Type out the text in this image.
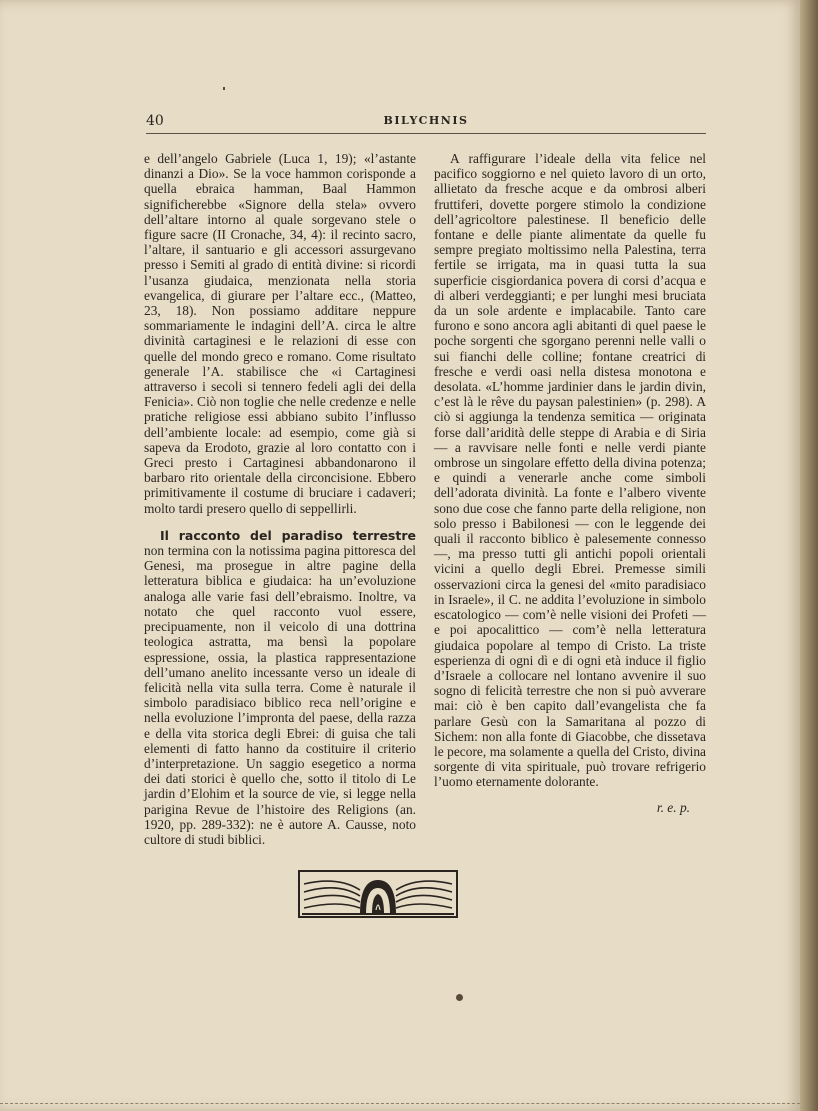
40	BILYCHNIS

e dell’angelo Gabriele (Luca 1, 19); «l’astante dinanzi a Dio». Se la voce hammon corisponde a quella ebraica hamman, Baal Hammon significherebbe «Signore della stela» ovvero dell’altare intorno al quale sorgevano stele o figure sacre (II Cronache, 34, 4): il recinto sacro, l’altare, il santuario e gli accessori assurgevano presso i Semiti al grado di entità divine: si ricordi l’usanza giudaica, menzionata nella storia evangelica, di giurare per l’altare ecc., (Matteo, 23, 18). Non possiamo additare neppure sommariamente le indagini dell’A. circa le altre divinità cartaginesi e le relazioni di esse con quelle del mondo greco e romano. Come risultato generale l’A. stabilisce che «i Cartaginesi attraverso i secoli si tennero fedeli agli dei della Fenicia». Ciò non toglie che nelle credenze e nelle pratiche religiose essi abbiano subito l’influsso dell’ambiente locale: ad esempio, come già si sapeva da Erodoto, grazie al loro contatto con i Greci presto i Cartaginesi abbandonarono il barbaro rito orientale della circoncisione. Ebbero primitivamente il costume di bruciare i cadaveri; molto tardi presero quello di seppellirli.

Il racconto del paradiso terrestre non termina con la notissima pagina pittoresca del Genesi, ma prosegue in altre pagine della letteratura biblica e giudaica: ha un’evoluzione analoga alle varie fasi dell’ebraismo. Inoltre, va notato che quel racconto vuol essere, precipuamente, non il veicolo di una dottrina teologica astratta, ma bensì la popolare espressione, ossia, la plastica rappresentazione dell’umano anelito incessante verso un ideale di felicità nella vita sulla terra. Come è naturale il simbolo paradisiaco biblico reca nell’origine e nella evoluzione l’impronta del paese, della razza e della vita storica degli Ebrei: di guisa che tali elementi di fatto hanno da costituire il criterio d’interpretazione. Un saggio esegetico a norma dei dati storici è quello che, sotto il titolo di Le jardin d’Elohim et la source de vie, si legge nella parigina Revue de l’histoire des Religions (an. 1920, pp. 289-332): ne è autore A. Causse, noto cultore di studi biblici.

A raffigurare l’ideale della vita felice nel pacifico soggiorno e nel quieto lavoro di un orto, allietato da fresche acque e da ombrosi alberi fruttiferi, dovette porgere stimolo la condizione dell’agricoltore palestinese. Il beneficio delle fontane e delle piante alimentate da quelle fu sempre pregiato moltissimo nella Palestina, terra fertile se irrigata, ma in quasi tutta la sua superficie cisgiordanica povera di corsi d’acqua e di alberi verdeggianti; e per lunghi mesi bruciata da un sole ardente e implacabile. Tanto care furono e sono ancora agli abitanti di quel paese le poche sorgenti che sgorgano perenni nelle valli o sui fianchi delle colline; fontane creatrici di fresche e verdi oasi nella distesa monotona e desolata. «L’homme jardinier dans le jardin divin, c’est là le rêve du paysan palestinien» (p. 298). A ciò si aggiunga la tendenza semitica — originata forse dall’aridità delle steppe di Arabia e di Siria — a ravvisare nelle fonti e nelle verdi piante ombrose un singolare effetto della divina potenza; e quindi a venerarle anche come simboli dell’adorata divinità. La fonte e l’albero vivente sono due cose che fanno parte della religione, non solo presso i Babilonesi — con le leggende dei quali il racconto biblico è palesemente connesso —, ma presso tutti gli antichi popoli orientali vicini a quello degli Ebrei. Premesse simili osservazioni circa la genesi del «mito paradisiaco in Israele», il C. ne addita l’evoluzione in simbolo escatologico — com’è nelle visioni dei Profeti — e poi apocalittico — com’è nella letteratura giudaica popolare al tempo di Cristo. La triste esperienza di ogni dì e di ogni età induce il figlio d’Israele a collocare nel lontano avvenire il suo sogno di felicità terrestre che non si può avverare mai: ciò è ben capito dall’evangelista che fa parlare Gesù con la Samaritana al pozzo di Sichem: non alla fonte di Giacobbe, che dissetava le pecore, ma solamente a quella del Cristo, divina sorgente di vita spirituale, può trovare refrigerio l’uomo eternamente dolorante.

r. e. p.
